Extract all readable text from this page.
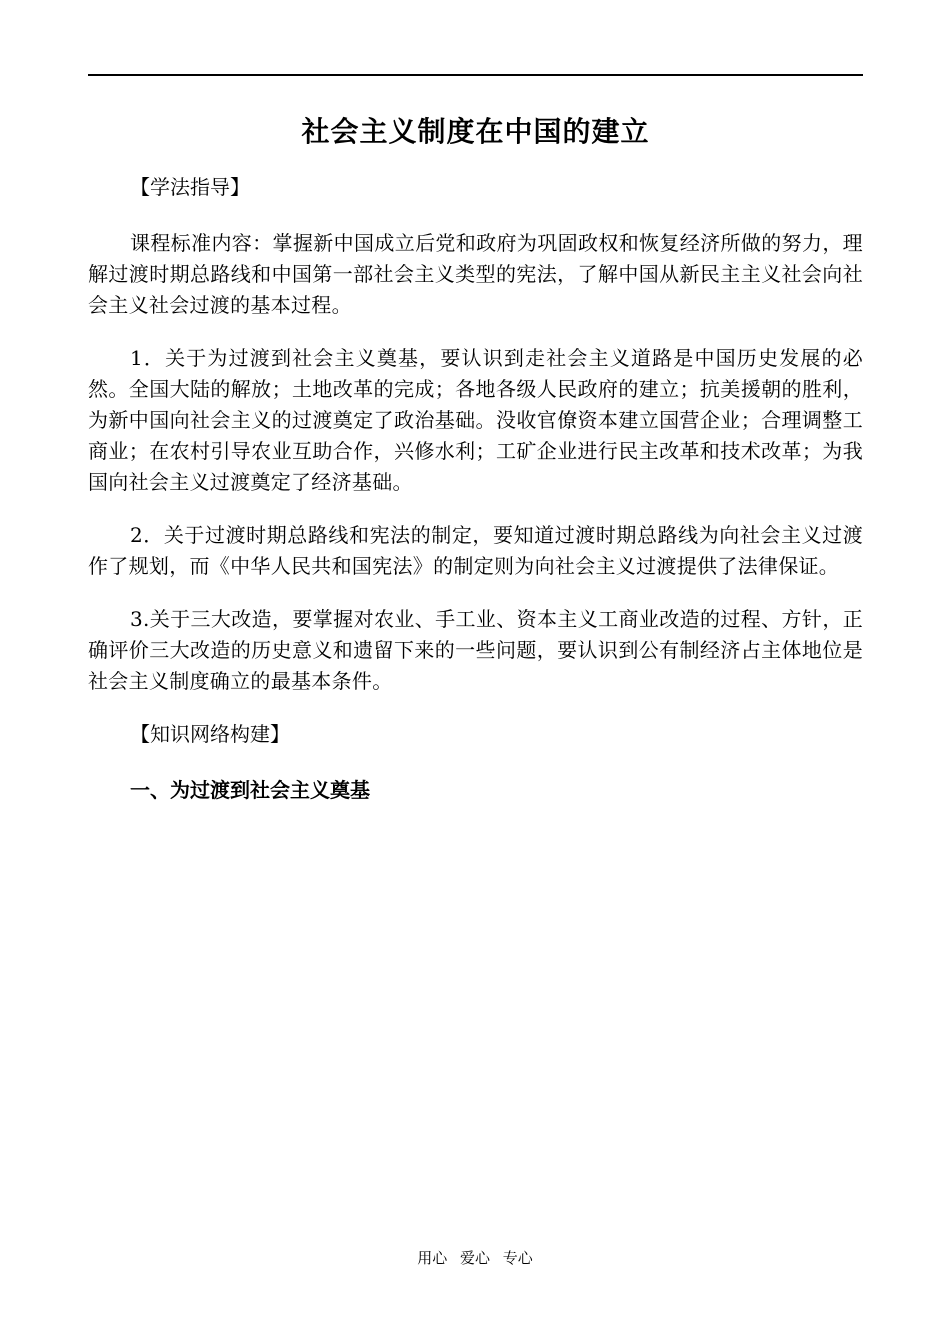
社会主义制度在中国的建立
【学法指导】

课程标准内容：掌握新中国成立后党和政府为巩固政权和恢复经济所做的努力，理解过渡时期总路线和中国第一部社会主义类型的宪法，了解中国从新民主主义社会向社会主义社会过渡的基本过程。

1．关于为过渡到社会主义奠基，要认识到走社会主义道路是中国历史发展的必然。全国大陆的解放；土地改革的完成；各地各级人民政府的建立；抗美援朝的胜利，为新中国向社会主义的过渡奠定了政治基础。没收官僚资本建立国营企业；合理调整工商业；在农村引导农业互助合作，兴修水利；工矿企业进行民主改革和技术改革；为我国向社会主义过渡奠定了经济基础。

2．关于过渡时期总路线和宪法的制定，要知道过渡时期总路线为向社会主义过渡作了规划，而《中华人民共和国宪法》的制定则为向社会主义过渡提供了法律保证。

3.关于三大改造，要掌握对农业、手工业、资本主义工商业改造的过程、方针，正确评价三大改造的历史意义和遗留下来的一些问题，要认识到公有制经济占主体地位是社会主义制度确立的最基本条件。

【知识网络构建】
一、为过渡到社会主义奠基
用心 爱心 专心
